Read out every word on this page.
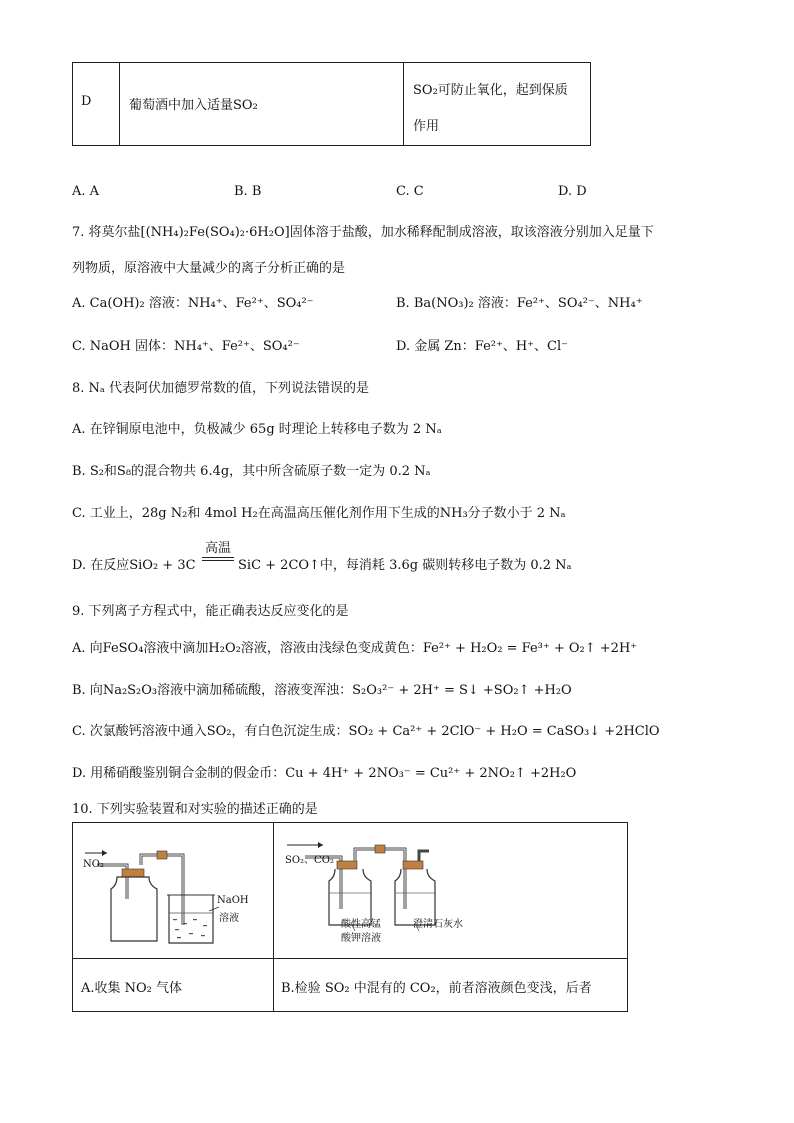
D	葡萄酒中加入适量SO₂
SO₂可防止氧化，起到保质
作用
A. A	B. B	C. C	D. D
7. 将莫尔盐[(NH₄)₂Fe(SO₄)₂·6H₂O]固体溶于盐酸，加水稀释配制成溶液，取该溶液分别加入足量下
列物质，原溶液中大量减少的离子分析正确的是
A. Ca(OH)₂ 溶液：NH₄⁺、Fe²⁺、SO₄²⁻	B. Ba(NO₃)₂ 溶液：Fe²⁺、SO₄²⁻、NH₄⁺
C. NaOH 固体：NH₄⁺、Fe²⁺、SO₄²⁻	D. 金属 Zn：Fe²⁺、H⁺、Cl⁻
8. Nₐ 代表阿伏加德罗常数的值，下列说法错误的是
A. 在锌铜原电池中，负极减少 65g 时理论上转移电子数为 2 Nₐ
B. S₂和S₈的混合物共 6.4g，其中所含硫原子数一定为 0.2 Nₐ
C. 工业上，28g N₂和 4mol H₂在高温高压催化剂作用下生成的NH₃分子数小于 2 Nₐ
D. 在反应SiO₂ + 3C
高温
SiC + 2CO↑中，每消耗 3.6g 碳则转移电子数为 0.2 Nₐ
9. 下列离子方程式中，能正确表达反应变化的是
A. 向FeSO₄溶液中滴加H₂O₂溶液，溶液由浅绿色变成黄色：Fe²⁺ + H₂O₂ = Fe³⁺ + O₂↑ +2H⁺
B. 向Na₂S₂O₃溶液中滴加稀硫酸，溶液变浑浊：S₂O₃²⁻ + 2H⁺ = S↓ +SO₂↑ +H₂O
C. 次氯酸钙溶液中通入SO₂，有白色沉淀生成：SO₂ + Ca²⁺ + 2ClO⁻ + H₂O = CaSO₃↓ +2HClO
D. 用稀硝酸鉴别铜合金制的假金币：Cu + 4H⁺ + 2NO₃⁻ = Cu²⁺ + 2NO₂↑ +2H₂O
10. 下列实验装置和对实验的描述正确的是
NO₂
NaOH
溶液
SO₂、CO₂
酸性高锰
酸钾溶液
澄清石灰水
A.收集 NO₂ 气体	B.检验 SO₂ 中混有的 CO₂，前者溶液颜色变浅，后者
